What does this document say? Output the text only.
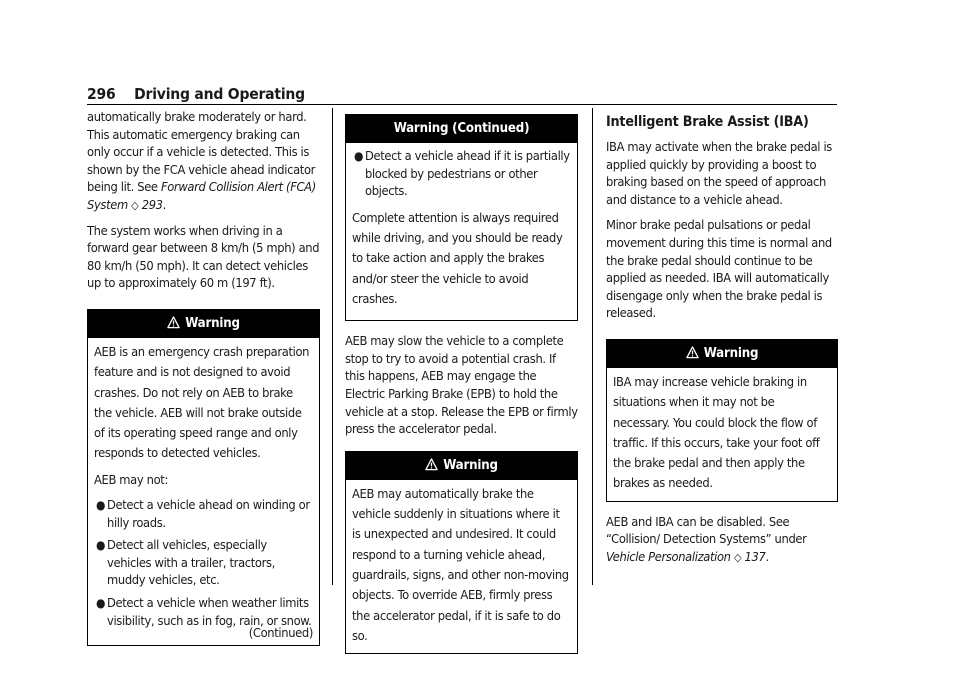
296 Driving and Operating

automatically brake moderately or hard. This automatic emergency braking can only occur if a vehicle is detected. This is shown by the FCA vehicle ahead indicator being lit. See Forward Collision Alert (FCA) System ◇ 293.

The system works when driving in a forward gear between 8 km/h (5 mph) and 80 km/h (50 mph). It can detect vehicles up to approximately 60 m (197 ft).

Warning

AEB is an emergency crash preparation feature and is not designed to avoid crashes. Do not rely on AEB to brake the vehicle. AEB will not brake outside of its operating speed range and only responds to detected vehicles.

AEB may not:

● Detect a vehicle ahead on winding or hilly roads.
● Detect all vehicles, especially vehicles with a trailer, tractors, muddy vehicles, etc.
● Detect a vehicle when weather limits visibility, such as in fog, rain, or snow.
(Continued)
Warning (Continued)
● Detect a vehicle ahead if it is partially blocked by pedestrians or other objects.

Complete attention is always required while driving, and you should be ready to take action and apply the brakes and/or steer the vehicle to avoid crashes.

AEB may slow the vehicle to a complete stop to try to avoid a potential crash. If this happens, AEB may engage the Electric Parking Brake (EPB) to hold the vehicle at a stop. Release the EPB or firmly press the accelerator pedal.

Warning

AEB may automatically brake the vehicle suddenly in situations where it is unexpected and undesired. It could respond to a turning vehicle ahead, guardrails, signs, and other non-moving objects. To override AEB, firmly press the accelerator pedal, if it is safe to do so.

Intelligent Brake Assist (IBA)

IBA may activate when the brake pedal is applied quickly by providing a boost to braking based on the speed of approach and distance to a vehicle ahead.

Minor brake pedal pulsations or pedal movement during this time is normal and the brake pedal should continue to be applied as needed. IBA will automatically disengage only when the brake pedal is released.

Warning

IBA may increase vehicle braking in situations when it may not be necessary. You could block the flow of traffic. If this occurs, take your foot off the brake pedal and then apply the brakes as needed.

AEB and IBA can be disabled. See “Collision/ Detection Systems” under Vehicle Personalization ◇ 137.
